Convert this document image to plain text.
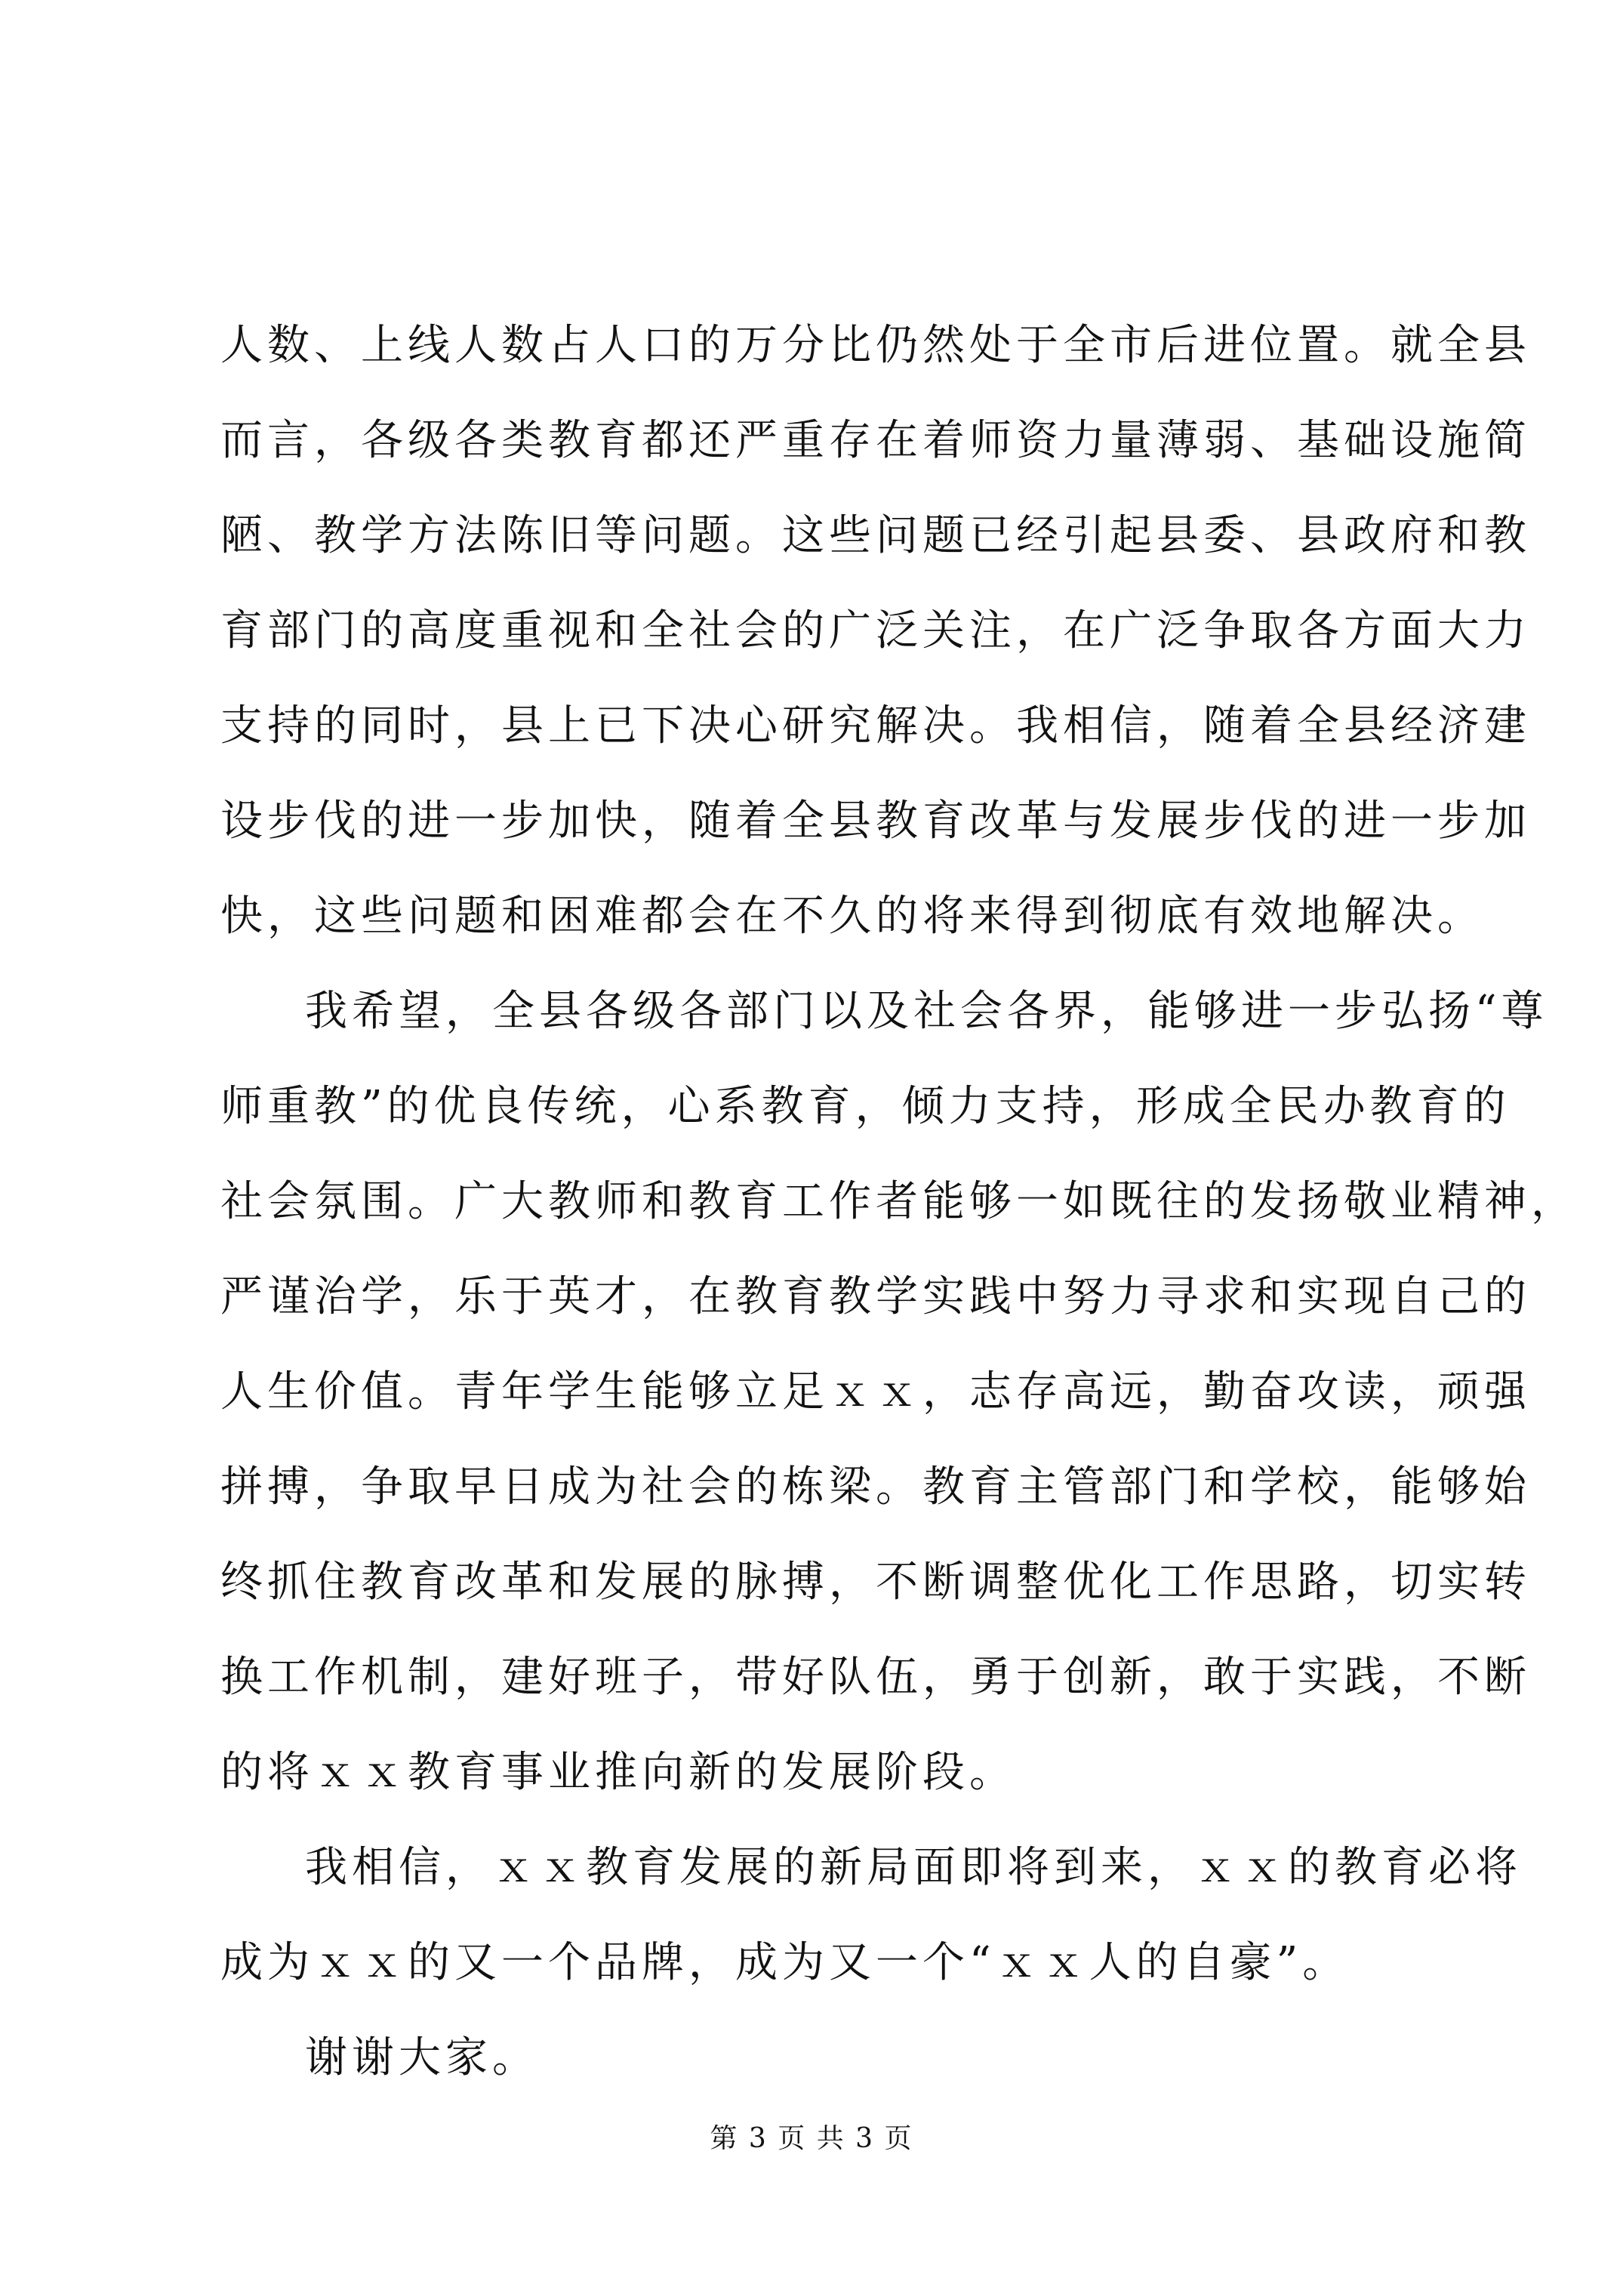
人数、上线人数占人口的万分比仍然处于全市后进位置。就全县
而言，各级各类教育都还严重存在着师资力量薄弱、基础设施简
陋、教学方法陈旧等问题。这些问题已经引起县委、县政府和教
育部门的高度重视和全社会的广泛关注，在广泛争取各方面大力
支持的同时，县上已下决心研究解决。我相信，随着全县经济建
设步伐的进一步加快，随着全县教育改革与发展步伐的进一步加
快，这些问题和困难都会在不久的将来得到彻底有效地解决。
我希望，全县各级各部门以及社会各界，能够进一步弘扬“尊
师重教”的优良传统，心系教育，倾力支持，形成全民办教育的
社会氛围。广大教师和教育工作者能够一如既往的发扬敬业精神，
严谨治学，乐于英才，在教育教学实践中努力寻求和实现自己的
人生价值。青年学生能够立足ｘｘ，志存高远，勤奋攻读，顽强
拼搏，争取早日成为社会的栋梁。教育主管部门和学校，能够始
终抓住教育改革和发展的脉搏，不断调整优化工作思路，切实转
换工作机制，建好班子，带好队伍，勇于创新，敢于实践，不断
的将ｘｘ教育事业推向新的发展阶段。
我相信，ｘｘ教育发展的新局面即将到来，ｘｘ的教育必将
成为ｘｘ的又一个品牌，成为又一个“ｘｘ人的自豪”。
谢谢大家。
第 3 页 共 3 页
